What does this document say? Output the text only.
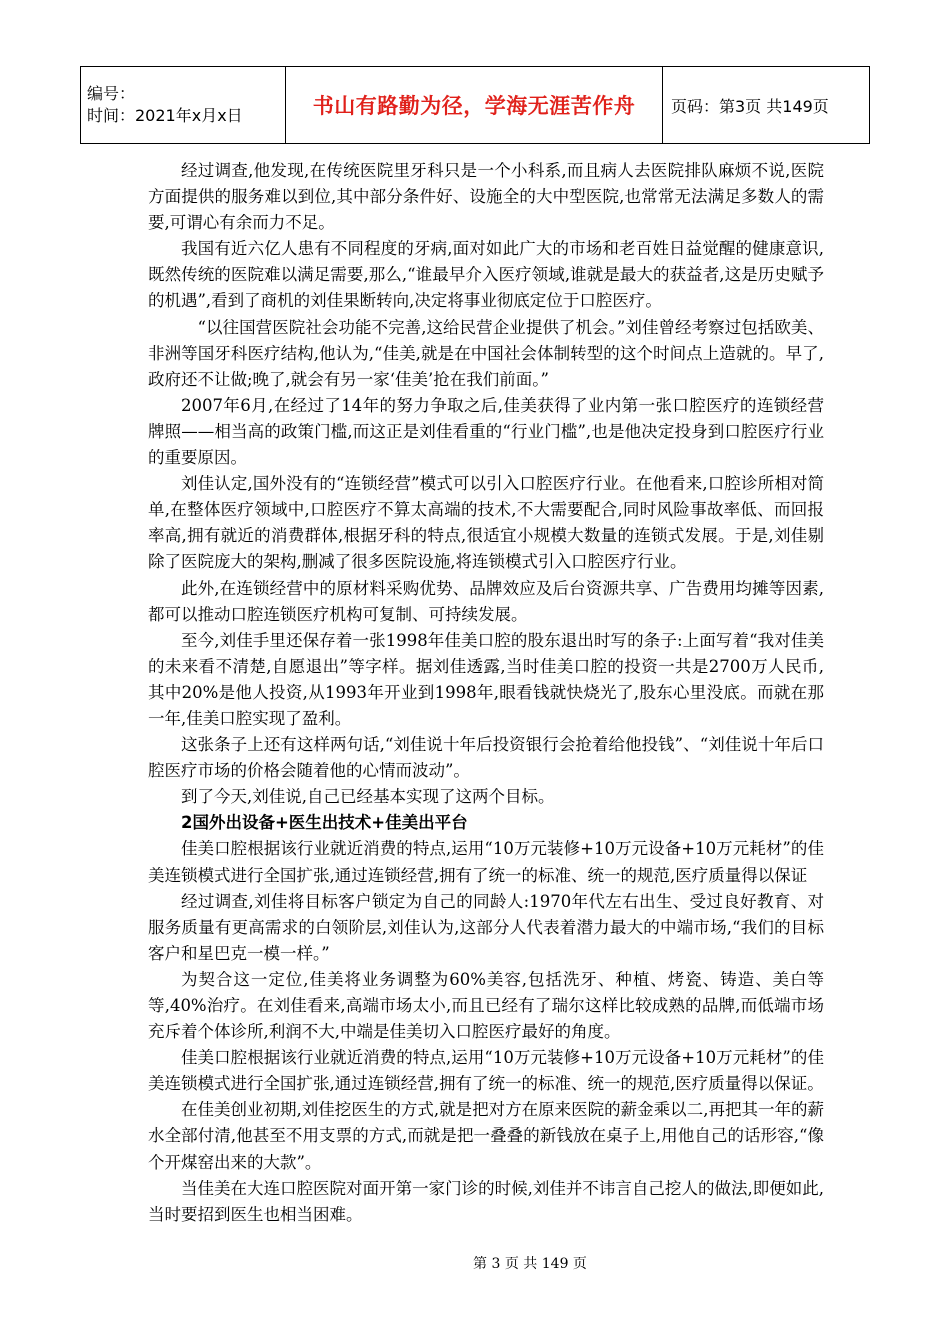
编号：
时间：2021年x月x日	书山有路勤为径，学海无涯苦作舟	页码：第3页 共149页

经过调查,他发现,在传统医院里牙科只是一个小科系,而且病人去医院排队麻烦不说,医院方面提供的服务难以到位,其中部分条件好、设施全的大中型医院,也常常无法满足多数人的需要,可谓心有余而力不足。

我国有近六亿人患有不同程度的牙病,面对如此广大的市场和老百姓日益觉醒的健康意识,既然传统的医院难以满足需要,那么,“谁最早介入医疗领域,谁就是最大的获益者,这是历史赋予的机遇”,看到了商机的刘佳果断转向,决定将事业彻底定位于口腔医疗。

“以往国营医院社会功能不完善,这给民营企业提供了机会。”刘佳曾经考察过包括欧美、非洲等国牙科医疗结构,他认为,“佳美,就是在中国社会体制转型的这个时间点上造就的。早了,政府还不让做;晚了,就会有另一家‘佳美’抢在我们前面。”

2007年6月,在经过了14年的努力争取之后,佳美获得了业内第一张口腔医疗的连锁经营牌照——相当高的政策门槛,而这正是刘佳看重的“行业门槛”,也是他决定投身到口腔医疗行业的重要原因。

刘佳认定,国外没有的“连锁经营”模式可以引入口腔医疗行业。在他看来,口腔诊所相对简单,在整体医疗领域中,口腔医疗不算太高端的技术,不大需要配合,同时风险事故率低、而回报率高,拥有就近的消费群体,根据牙科的特点,很适宜小规模大数量的连锁式发展。于是,刘佳剔除了医院庞大的架构,删减了很多医院设施,将连锁模式引入口腔医疗行业。

此外,在连锁经营中的原材料采购优势、品牌效应及后台资源共享、广告费用均摊等因素,都可以推动口腔连锁医疗机构可复制、可持续发展。

至今,刘佳手里还保存着一张1998年佳美口腔的股东退出时写的条子:上面写着“我对佳美的未来看不清楚,自愿退出”等字样。据刘佳透露,当时佳美口腔的投资一共是2700万人民币,其中20%是他人投资,从1993年开业到1998年,眼看钱就快烧光了,股东心里没底。而就在那一年,佳美口腔实现了盈利。

这张条子上还有这样两句话,“刘佳说十年后投资银行会抢着给他投钱”、“刘佳说十年后口腔医疗市场的价格会随着他的心情而波动”。

到了今天,刘佳说,自己已经基本实现了这两个目标。

2国外出设备+医生出技术+佳美出平台

佳美口腔根据该行业就近消费的特点,运用“10万元装修+10万元设备+10万元耗材”的佳美连锁模式进行全国扩张,通过连锁经营,拥有了统一的标准、统一的规范,医疗质量得以保证

经过调查,刘佳将目标客户锁定为自己的同龄人:1970年代左右出生、受过良好教育、对服务质量有更高需求的白领阶层,刘佳认为,这部分人代表着潜力最大的中端市场,“我们的目标客户和星巴克一模一样。”

为契合这一定位,佳美将业务调整为60%美容,包括洗牙、种植、烤瓷、铸造、美白等等,40%治疗。在刘佳看来,高端市场太小,而且已经有了瑞尔这样比较成熟的品牌,而低端市场充斥着个体诊所,利润不大,中端是佳美切入口腔医疗最好的角度。

佳美口腔根据该行业就近消费的特点,运用“10万元装修+10万元设备+10万元耗材”的佳美连锁模式进行全国扩张,通过连锁经营,拥有了统一的标准、统一的规范,医疗质量得以保证。

在佳美创业初期,刘佳挖医生的方式,就是把对方在原来医院的薪金乘以二,再把其一年的薪水全部付清,他甚至不用支票的方式,而就是把一叠叠的新钱放在桌子上,用他自己的话形容,“像个开煤窑出来的大款”。

当佳美在大连口腔医院对面开第一家门诊的时候,刘佳并不讳言自己挖人的做法,即便如此,当时要招到医生也相当困难。

第 3 页 共 149 页
